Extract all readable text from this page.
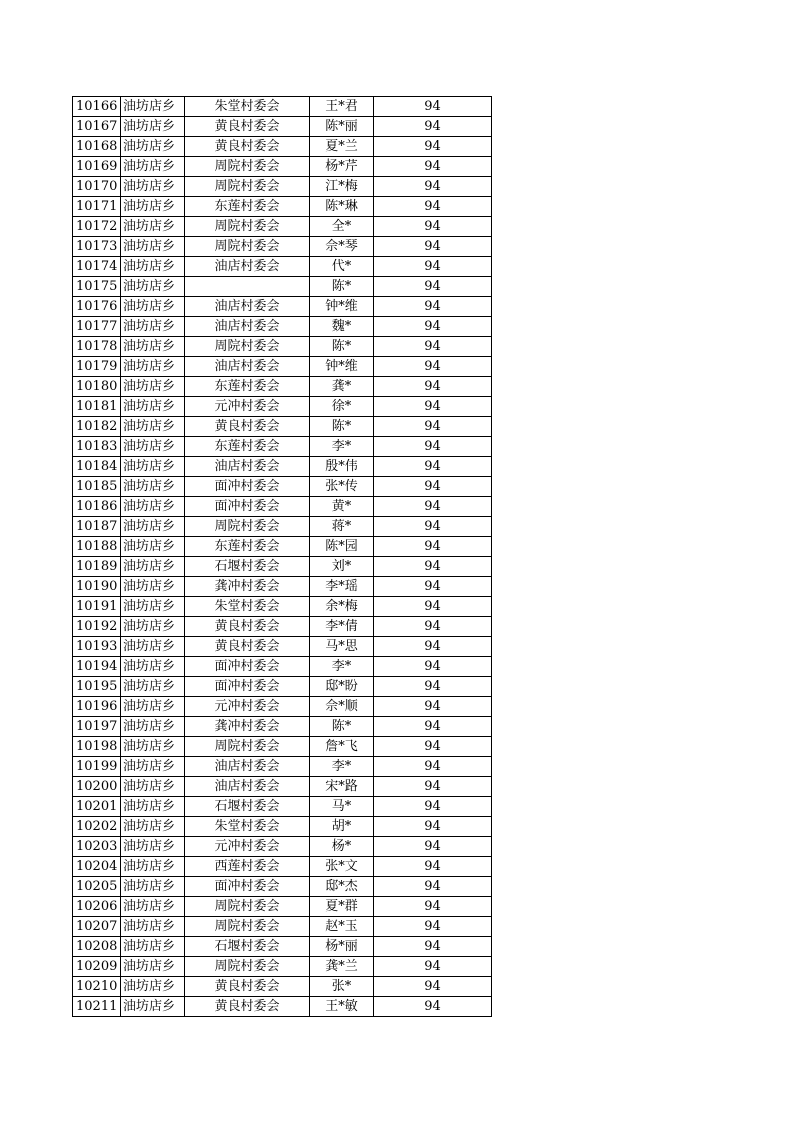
10166	油坊店乡	朱堂村委会	王*君	94
10167	油坊店乡	黄良村委会	陈*丽	94
10168	油坊店乡	黄良村委会	夏*兰	94
10169	油坊店乡	周院村委会	杨*芹	94
10170	油坊店乡	周院村委会	江*梅	94
10171	油坊店乡	东莲村委会	陈*琳	94
10172	油坊店乡	周院村委会	全*	94
10173	油坊店乡	周院村委会	佘*琴	94
10174	油坊店乡	油店村委会	代*	94
10175	油坊店乡		陈*	94
10176	油坊店乡	油店村委会	钟*维	94
10177	油坊店乡	油店村委会	魏*	94
10178	油坊店乡	周院村委会	陈*	94
10179	油坊店乡	油店村委会	钟*维	94
10180	油坊店乡	东莲村委会	龚*	94
10181	油坊店乡	元冲村委会	徐*	94
10182	油坊店乡	黄良村委会	陈*	94
10183	油坊店乡	东莲村委会	李*	94
10184	油坊店乡	油店村委会	殷*伟	94
10185	油坊店乡	面冲村委会	张*传	94
10186	油坊店乡	面冲村委会	黄*	94
10187	油坊店乡	周院村委会	蒋*	94
10188	油坊店乡	东莲村委会	陈*园	94
10189	油坊店乡	石堰村委会	刘*	94
10190	油坊店乡	龚冲村委会	李*瑶	94
10191	油坊店乡	朱堂村委会	余*梅	94
10192	油坊店乡	黄良村委会	李*倩	94
10193	油坊店乡	黄良村委会	马*思	94
10194	油坊店乡	面冲村委会	李*	94
10195	油坊店乡	面冲村委会	邸*盼	94
10196	油坊店乡	元冲村委会	佘*顺	94
10197	油坊店乡	龚冲村委会	陈*	94
10198	油坊店乡	周院村委会	詹*飞	94
10199	油坊店乡	油店村委会	李*	94
10200	油坊店乡	油店村委会	宋*路	94
10201	油坊店乡	石堰村委会	马*	94
10202	油坊店乡	朱堂村委会	胡*	94
10203	油坊店乡	元冲村委会	杨*	94
10204	油坊店乡	西莲村委会	张*文	94
10205	油坊店乡	面冲村委会	邸*杰	94
10206	油坊店乡	周院村委会	夏*群	94
10207	油坊店乡	周院村委会	赵*玉	94
10208	油坊店乡	石堰村委会	杨*丽	94
10209	油坊店乡	周院村委会	龚*兰	94
10210	油坊店乡	黄良村委会	张*	94
10211	油坊店乡	黄良村委会	王*敏	94
